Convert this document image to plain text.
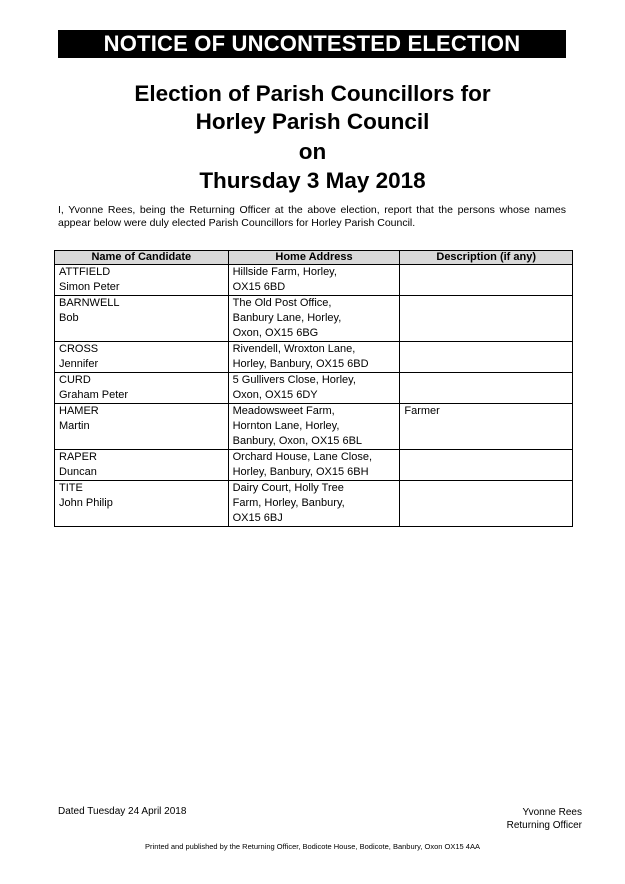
NOTICE OF UNCONTESTED ELECTION
Election of Parish Councillors for
Horley Parish Council
on
Thursday 3 May 2018
I, Yvonne Rees, being the Returning Officer at the above election, report that the persons whose names appear below were duly elected Parish Councillors for Horley Parish Council.
Name of Candidate	Home Address	Description (if any)

ATTFIELD
Simon Peter	Hillside Farm, Horley,
OX15 6BD	

BARNWELL
Bob	The Old Post Office,
Banbury Lane, Horley,
Oxon, OX15 6BG	

CROSS
Jennifer	Rivendell, Wroxton Lane,
Horley, Banbury, OX15 6BD	

CURD
Graham Peter	5 Gullivers Close, Horley,
Oxon, OX15 6DY	

HAMER
Martin	Meadowsweet Farm,
Hornton Lane, Horley,
Banbury, Oxon, OX15 6BL	Farmer

RAPER
Duncan	Orchard House, Lane Close,
Horley, Banbury, OX15 6BH	

TITE
John Philip	Dairy Court, Holly Tree
Farm, Horley, Banbury,
OX15 6BJ	

Dated Tuesday 24 April 2018	Yvonne Rees
Returning Officer
Printed and published by the Returning Officer, Bodicote House, Bodicote, Banbury, Oxon OX15 4AA
